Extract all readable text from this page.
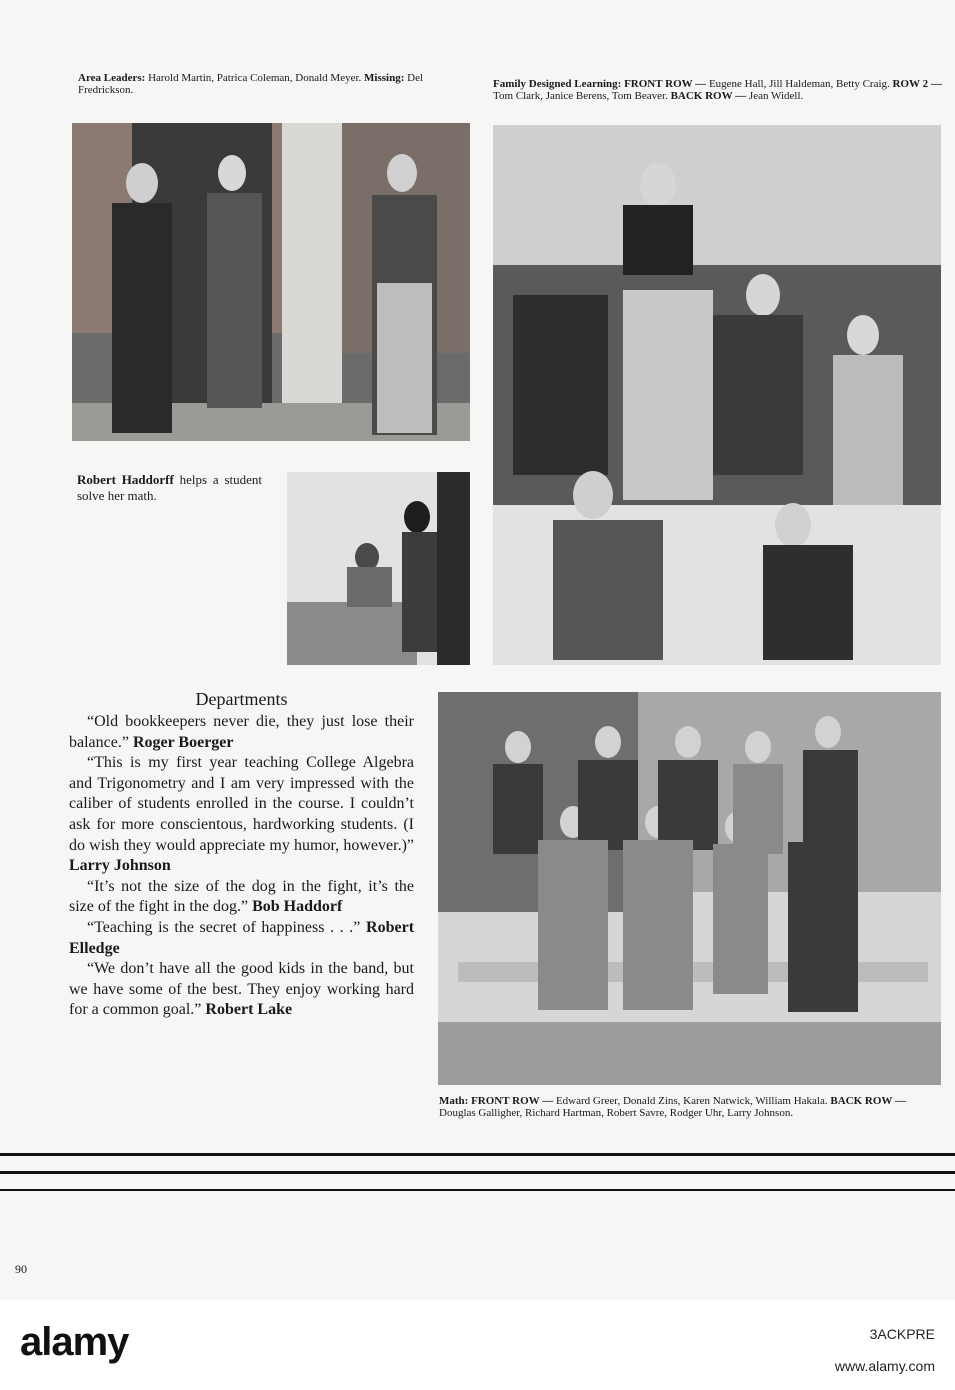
Area Leaders: Harold Martin, Patrica Coleman, Donald Meyer. Missing: Del Fredrickson.	Family Designed Learning: FRONT ROW — Eugene Hall, Jill Haldeman, Betty Craig. ROW 2 — Tom Clark, Janice Berens, Tom Beaver. BACK ROW — Jean Widell.
Robert Haddorff helps a student solve her math.
Departments

“Old bookkeepers never die, they just lose their balance.” Roger Boerger

“This is my first year teaching College Algebra and Trigonometry and I am very impressed with the caliber of students enrolled in the course. I couldn’t ask for more conscientous, hardworking students. (I do wish they would appreciate my humor, however.)” Larry Johnson

“It’s not the size of the dog in the fight, it’s the size of the fight in the dog.” Bob Haddorf

“Teaching is the secret of happiness . . .” Robert Elledge

“We don’t have all the good kids in the band, but we have some of the best. They enjoy working hard for a common goal.” Robert Lake

Math: FRONT ROW — Edward Greer, Donald Zins, Karen Natwick, William Hakala. BACK ROW — Douglas Galligher, Richard Hartman, Robert Savre, Rodger Uhr, Larry Johnson.
90
alamy	3ACKPRE
www.alamy.com
